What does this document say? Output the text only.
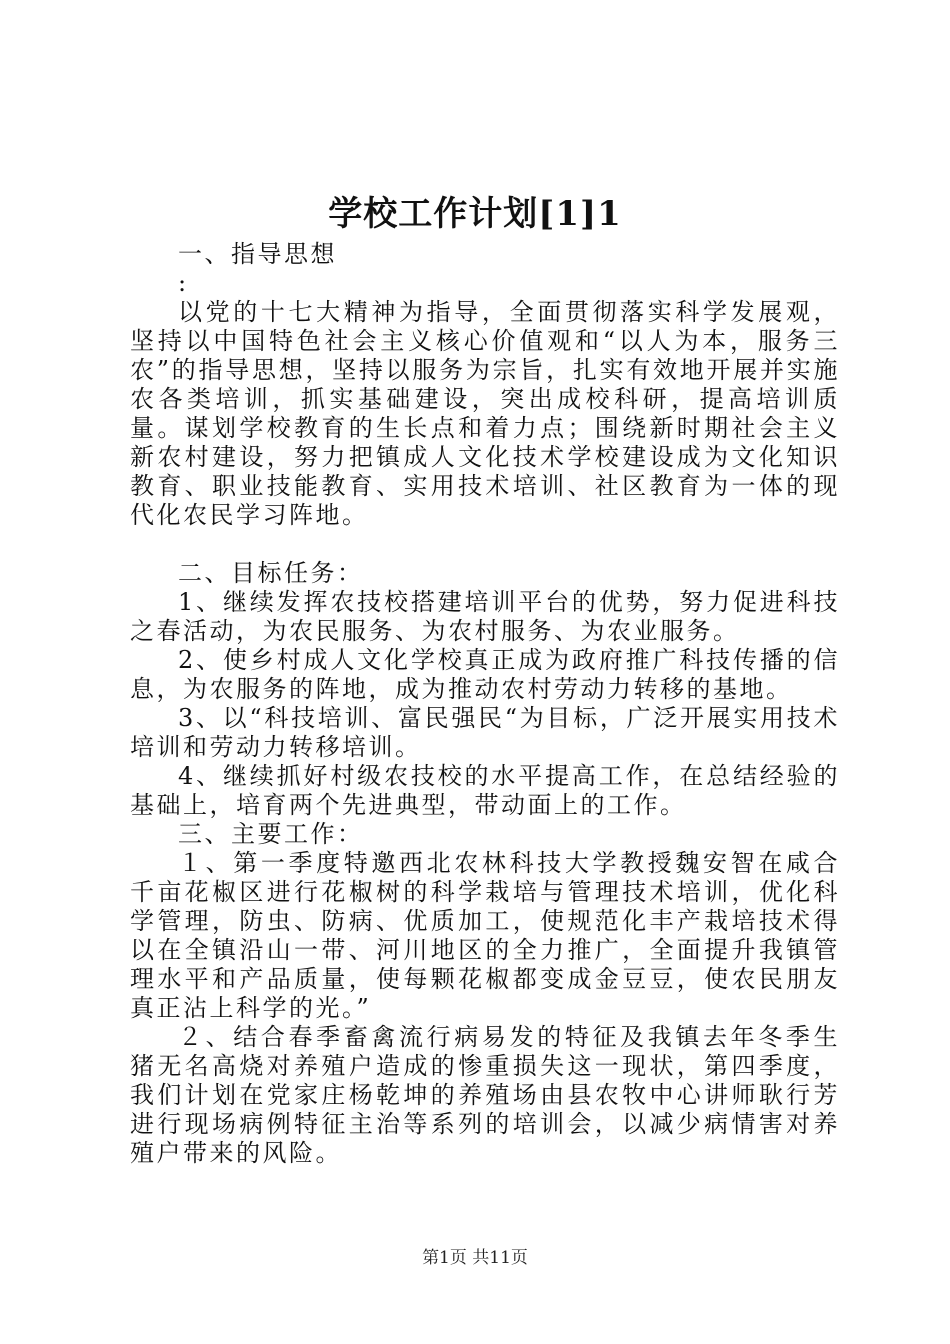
学校工作计划[1]1

一、指导思想

:

以党的十七大精神为指导，全面贯彻落实科学发展观，坚持以中国特色社会主义核心价值观和“以人为本，服务三农”的指导思想，坚持以服务为宗旨，扎实有效地开展并实施农各类培训，抓实基础建设，突出成校科研，提高培训质量。谋划学校教育的生长点和着力点；围绕新时期社会主义新农村建设，努力把镇成人文化技术学校建设成为文化知识教育、职业技能教育、实用技术培训、社区教育为一体的现代化农民学习阵地。

二、目标任务：

1、继续发挥农技校搭建培训平台的优势，努力促进科技之春活动，为农民服务、为农村服务、为农业服务。

2、使乡村成人文化学校真正成为政府推广科技传播的信息，为农服务的阵地，成为推动农村劳动力转移的基地。

3、以“科技培训、富民强民“为目标，广泛开展实用技术培训和劳动力转移培训。

4、继续抓好村级农技校的水平提高工作，在总结经验的基础上，培育两个先进典型，带动面上的工作。

三、主要工作：

１、第一季度特邀西北农林科技大学教授魏安智在咸合千亩花椒区进行花椒树的科学栽培与管理技术培训，优化科学管理，防虫、防病、优质加工，使规范化丰产栽培技术得以在全镇沿山一带、河川地区的全力推广，全面提升我镇管理水平和产品质量，使每颗花椒都变成金豆豆，使农民朋友真正沾上科学的光。”

２、结合春季畜禽流行病易发的特征及我镇去年冬季生猪无名高烧对养殖户造成的惨重损失这一现状，第四季度，我们计划在党家庄杨乾坤的养殖场由县农牧中心讲师耿行芳进行现场病例特征主治等系列的培训会，以减少病情害对养殖户带来的风险。

第1页 共11页
